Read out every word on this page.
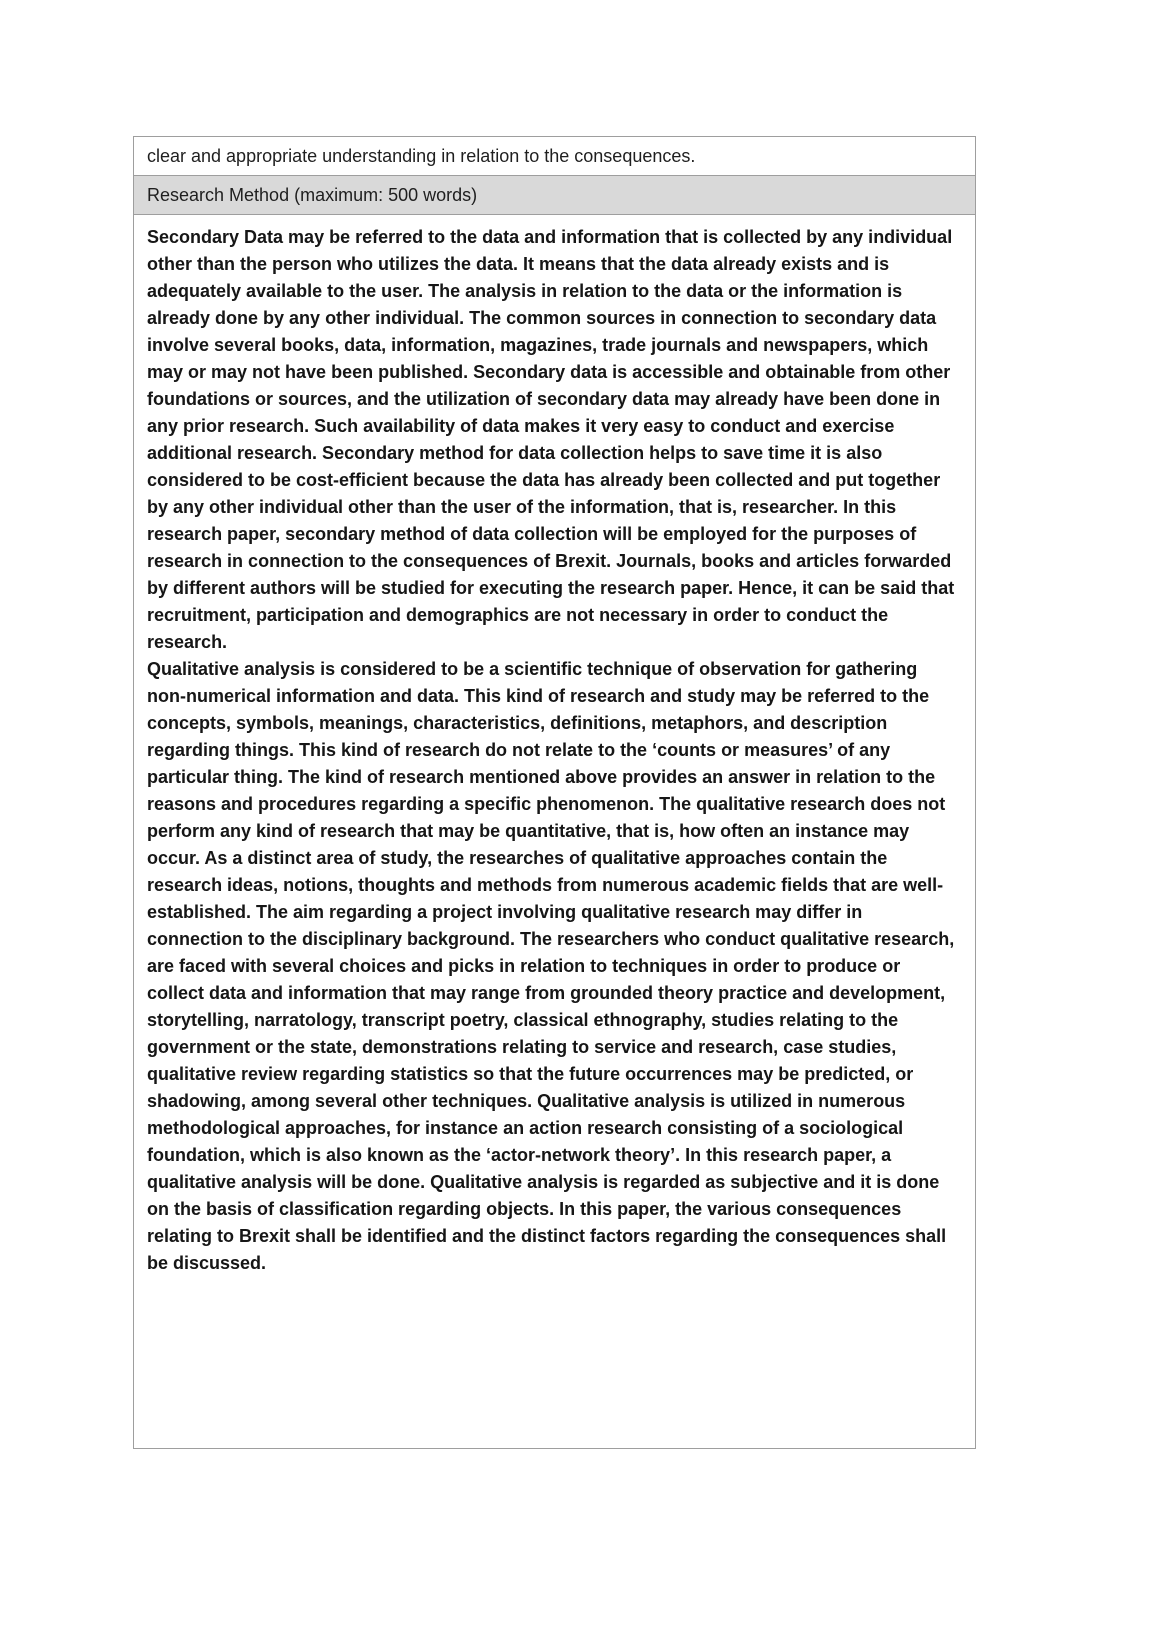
clear and appropriate understanding in relation to the consequences.
Research Method (maximum: 500 words)

Secondary Data may be referred to the data and information that is collected by any individual other than the person who utilizes the data. It means that the data already exists and is adequately available to the user. The analysis in relation to the data or the information is already done by any other individual. The common sources in connection to secondary data involve several books, data, information, magazines, trade journals and newspapers, which may or may not have been published. Secondary data is accessible and obtainable from other foundations or sources, and the utilization of secondary data may already have been done in any prior research. Such availability of data makes it very easy to conduct and exercise additional research. Secondary method for data collection helps to save time it is also considered to be cost-efficient because the data has already been collected and put together by any other individual other than the user of the information, that is, researcher. In this research paper, secondary method of data collection will be employed for the purposes of research in connection to the consequences of Brexit. Journals, books and articles forwarded by different authors will be studied for executing the research paper. Hence, it can be said that recruitment, participation and demographics are not necessary in order to conduct the research.

Qualitative analysis is considered to be a scientific technique of observation for gathering non-numerical information and data. This kind of research and study may be referred to the concepts, symbols, meanings, characteristics, definitions, metaphors, and description regarding things. This kind of research do not relate to the ‘counts or measures’ of any particular thing. The kind of research mentioned above provides an answer in relation to the reasons and procedures regarding a specific phenomenon. The qualitative research does not perform any kind of research that may be quantitative, that is, how often an instance may occur. As a distinct area of study, the researches of qualitative approaches contain the research ideas, notions, thoughts and methods from numerous academic fields that are well-established. The aim regarding a project involving qualitative research may differ in connection to the disciplinary background. The researchers who conduct qualitative research, are faced with several choices and picks in relation to techniques in order to produce or collect data and information that may range from grounded theory practice and development, storytelling, narratology, transcript poetry, classical ethnography, studies relating to the government or the state, demonstrations relating to service and research, case studies, qualitative review regarding statistics so that the future occurrences may be predicted, or shadowing, among several other techniques. Qualitative analysis is utilized in numerous methodological approaches, for instance an action research consisting of a sociological foundation, which is also known as the ‘actor-network theory’. In this research paper, a qualitative analysis will be done. Qualitative analysis is regarded as subjective and it is done on the basis of classification regarding objects. In this paper, the various consequences relating to Brexit shall be identified and the distinct factors regarding the consequences shall be discussed.
